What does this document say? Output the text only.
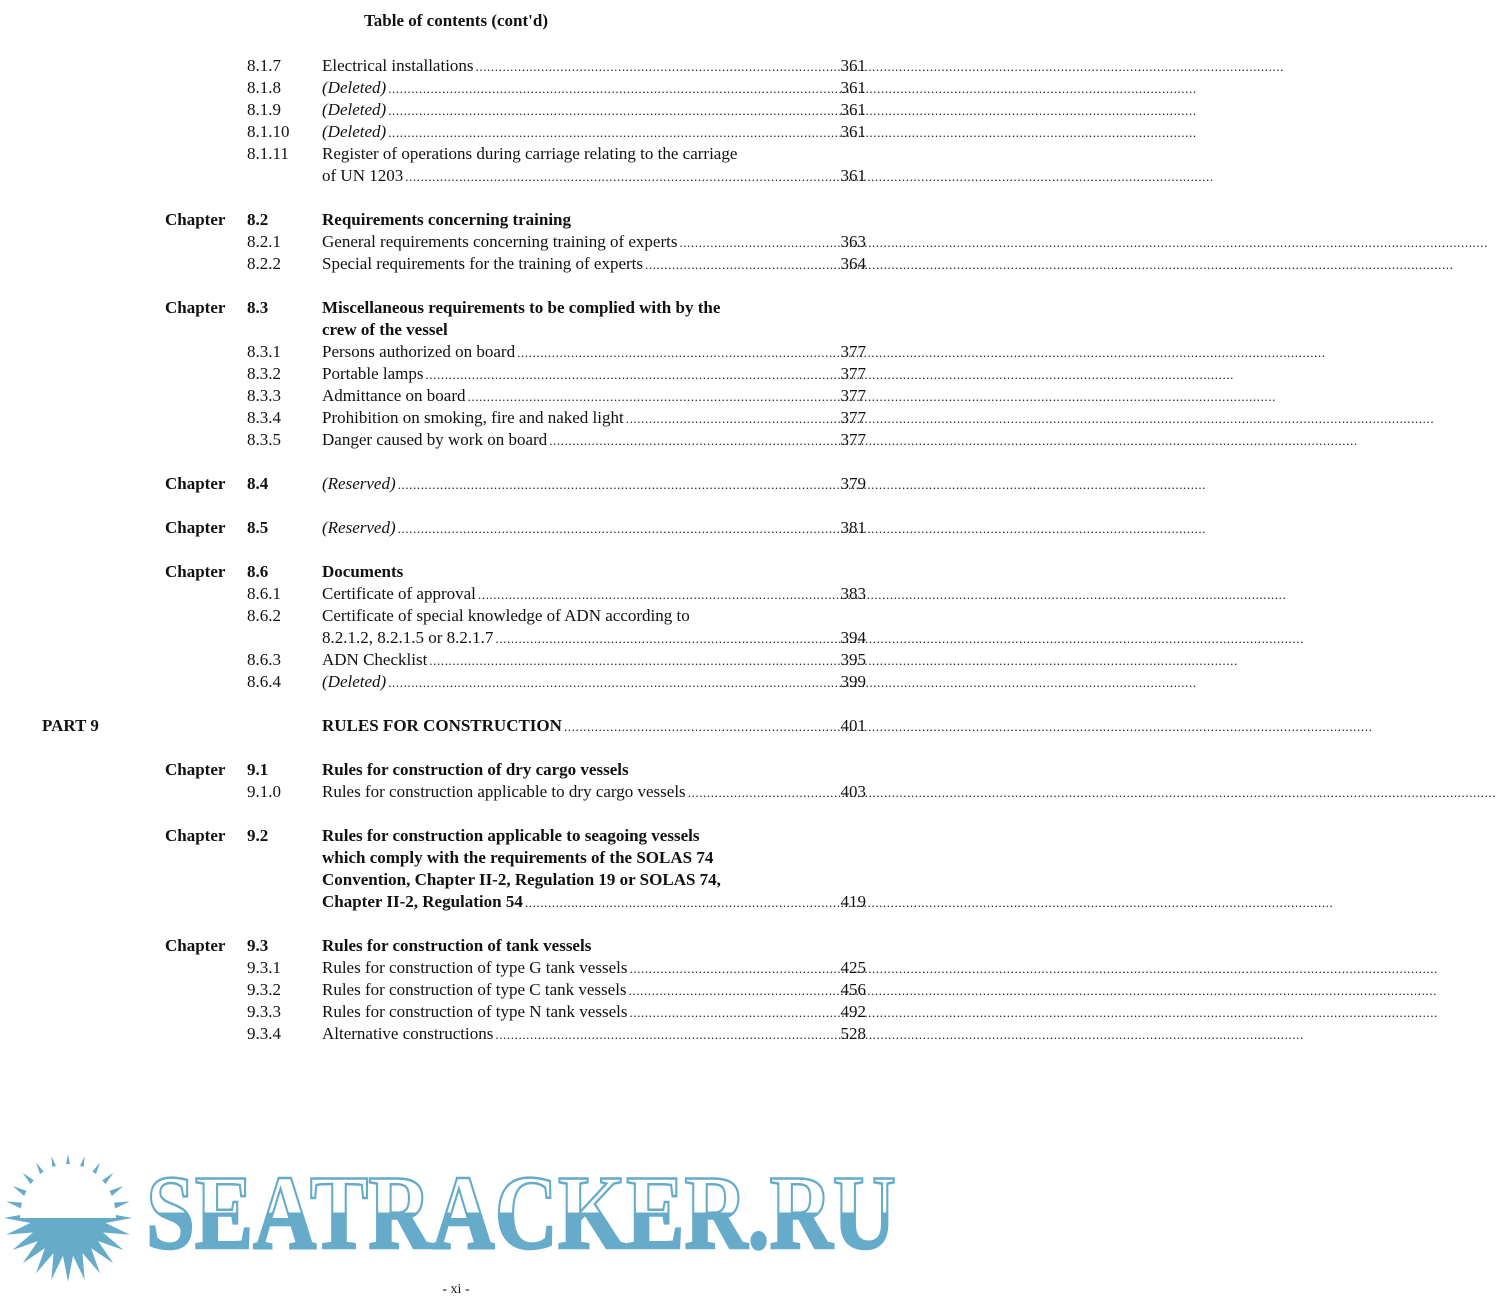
Table of contents (cont'd)
8.1.7 Electrical installations .....	361
8.1.8 (Deleted) .....	361
8.1.9 (Deleted) .....	361
8.1.10 (Deleted) .....	361
8.1.11 Register of operations during carriage relating to the carriage
of UN 1203 .....	361
Chapter 8.2	Requirements concerning training
8.2.1 General requirements concerning training of experts .....	363
8.2.2 Special requirements for the training of experts .....	364
Chapter 8.3	Miscellaneous requirements to be complied with by the
crew of the vessel
8.3.1 Persons authorized on board .....	377
8.3.2 Portable lamps .....	377
8.3.3 Admittance on board .....	377
8.3.4 Prohibition on smoking, fire and naked light .....	377
8.3.5 Danger caused by work on board .....	377
Chapter 8.4	(Reserved) .....	379
Chapter 8.5	(Reserved) .....	381
Chapter 8.6	Documents
8.6.1 Certificate of approval .....	383
8.6.2 Certificate of special knowledge of ADN according to
8.2.1.2, 8.2.1.5 or 8.2.1.7 .....	394
8.6.3 ADN Checklist .....	395
8.6.4 (Deleted) .....	399
PART 9	RULES FOR CONSTRUCTION .....	401
Chapter 9.1	Rules for construction of dry cargo vessels
9.1.0 Rules for construction applicable to dry cargo vessels .....	403
Chapter 9.2	Rules for construction applicable to seagoing vessels
which comply with the requirements of the SOLAS 74
Convention, Chapter II-2, Regulation 19 or SOLAS 74,
Chapter II-2, Regulation 54 .....	419
Chapter 9.3	Rules for construction of tank vessels
9.3.1 Rules for construction of type G tank vessels .....	425
9.3.2 Rules for construction of type C tank vessels .....	456
9.3.3 Rules for construction of type N tank vessels .....	492
9.3.4 Alternative constructions .....	528
SEATRACKER.RU
- xi -
